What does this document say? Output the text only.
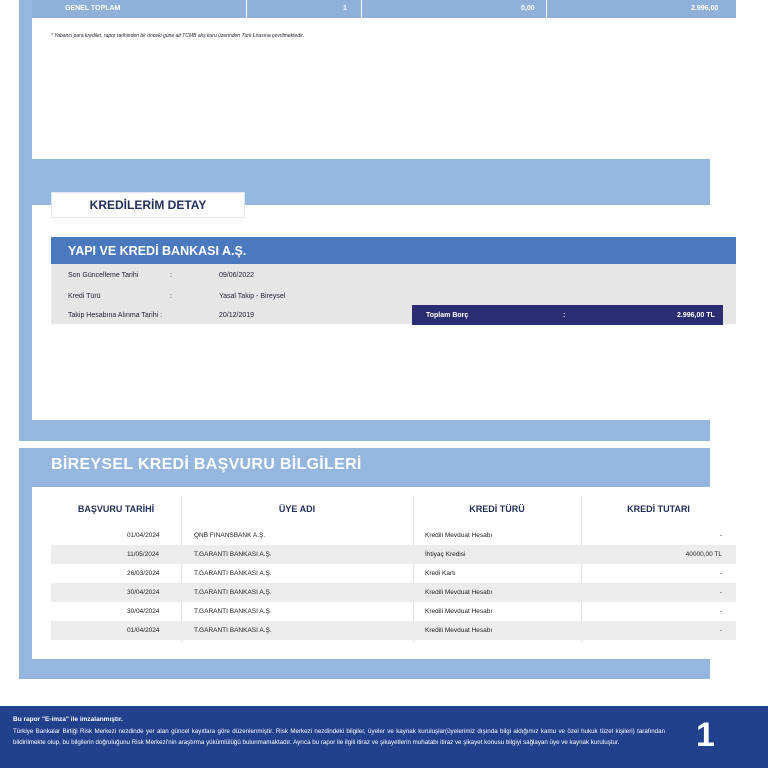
GENEL TOPLAM	1	0,00	2.996,00
* Yabancı para krediler, rapor tarihinden bir önceki güne ait TCMB alış kuru üzerinden Türk Lirasına çevrilmektedir.
KREDİLERİM DETAY
YAPI VE KREDİ BANKASI A.Ş.
Son Güncelleme Tarihi	:	09/06/2022
Kredi Türü	:	Yasal Takip - Bireysel
Takip Hesabına Alınma Tarihi :	20/12/2019	Toplam Borç	:	2.996,00 TL
BİREYSEL KREDİ BAŞVURU BİLGİLERİ
BAŞVURU TARİHİ	ÜYE ADI	KREDİ TÜRÜ	KREDİ TUTARI
01/04/2024	QNB FINANSBANK A.Ş.	Kredili Mevduat Hesabı	-
11/05/2024	T.GARANTI BANKASI A.Ş.	İhtiyaç Kredisi	40000,00 TL
26/03/2024	T.GARANTI BANKASI A.Ş.	Kredi Kartı	-
30/04/2024	T.GARANTI BANKASI A.Ş.	Kredili Mevduat Hesabı	-
30/04/2024	T.GARANTI BANKASI A.Ş.	Kredili Mevduat Hesabı	-
01/04/2024	T.GARANTI BANKASI A.Ş.	Kredili Mevduat Hesabı	-
Bu rapor "E-imza" ile imzalanmıştır.
Türkiye Bankalar Birliği Risk Merkezi nezdinde yer alan güncel kayıtlara göre düzenlenmiştir. Risk Merkezi nezdindeki bilgiler, üyeler ve kaynak kuruluşlar(üyelerimiz dışında bilgi aldığımız kamu ve özel hukuk tüzel kişileri) tarafından bildirilmekte olup, bu bilgilerin doğruluğunu Risk Merkezi'nin araştırma yükümlülüğü bulunmamaktadır. Ayrıca bu rapor ile ilgili itiraz ve şikayetlerin muhatabı itiraz ve şikayet konusu bilgiyi sağlayan üye ve kaynak kuruluştur.	1
